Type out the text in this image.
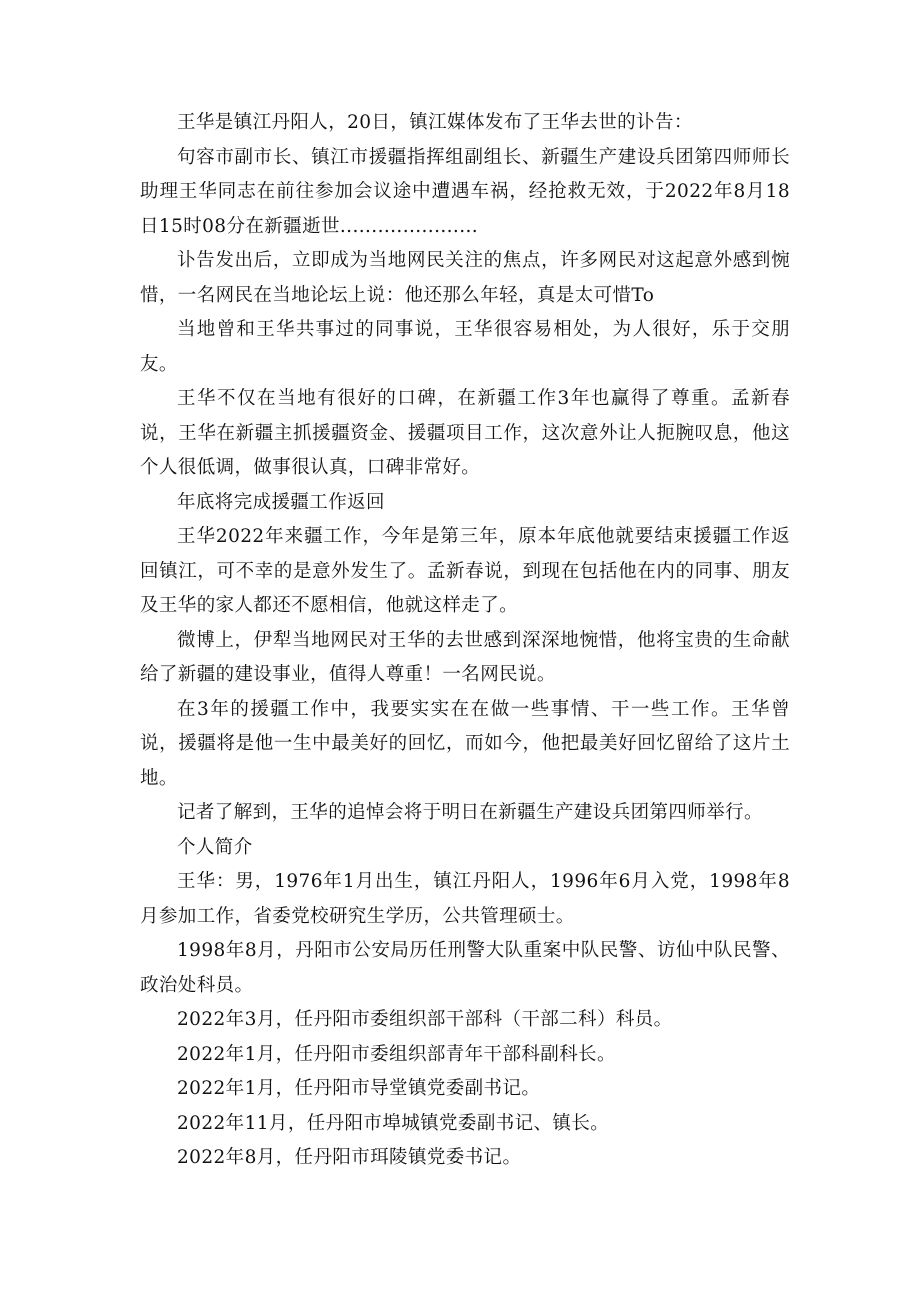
王华是镇江丹阳人，20日，镇江媒体发布了王华去世的讣告：

句容市副市长、镇江市援疆指挥组副组长、新疆生产建设兵团第四师师长助理王华同志在前往参加会议途中遭遇车祸，经抢救无效，于2022年8月18日15时08分在新疆逝世......................

讣告发出后，立即成为当地网民关注的焦点，许多网民对这起意外感到惋惜，一名网民在当地论坛上说：他还那么年轻，真是太可惜To

当地曾和王华共事过的同事说，王华很容易相处，为人很好，乐于交朋友。

王华不仅在当地有很好的口碑，在新疆工作3年也赢得了尊重。孟新春说，王华在新疆主抓援疆资金、援疆项目工作，这次意外让人扼腕叹息，他这个人很低调，做事很认真，口碑非常好。

年底将完成援疆工作返回

王华2022年来疆工作，今年是第三年，原本年底他就要结束援疆工作返回镇江，可不幸的是意外发生了。孟新春说，到现在包括他在内的同事、朋友及王华的家人都还不愿相信，他就这样走了。

微博上，伊犁当地网民对王华的去世感到深深地惋惜，他将宝贵的生命献给了新疆的建设事业，值得人尊重！一名网民说。

在3年的援疆工作中，我要实实在在做一些事情、干一些工作。王华曾说，援疆将是他一生中最美好的回忆，而如今，他把最美好回忆留给了这片土地。

记者了解到，王华的追悼会将于明日在新疆生产建设兵团第四师举行。

个人简介

王华：男，1976年1月出生，镇江丹阳人，1996年6月入党，1998年8月参加工作，省委党校研究生学历，公共管理硕士。

1998年8月，丹阳市公安局历任刑警大队重案中队民警、访仙中队民警、政治处科员。

2022年3月，任丹阳市委组织部干部科（干部二科）科员。

2022年1月，任丹阳市委组织部青年干部科副科长。

2022年1月，任丹阳市导堂镇党委副书记。

2022年11月，任丹阳市埠城镇党委副书记、镇长。

2022年8月，任丹阳市珥陵镇党委书记。
